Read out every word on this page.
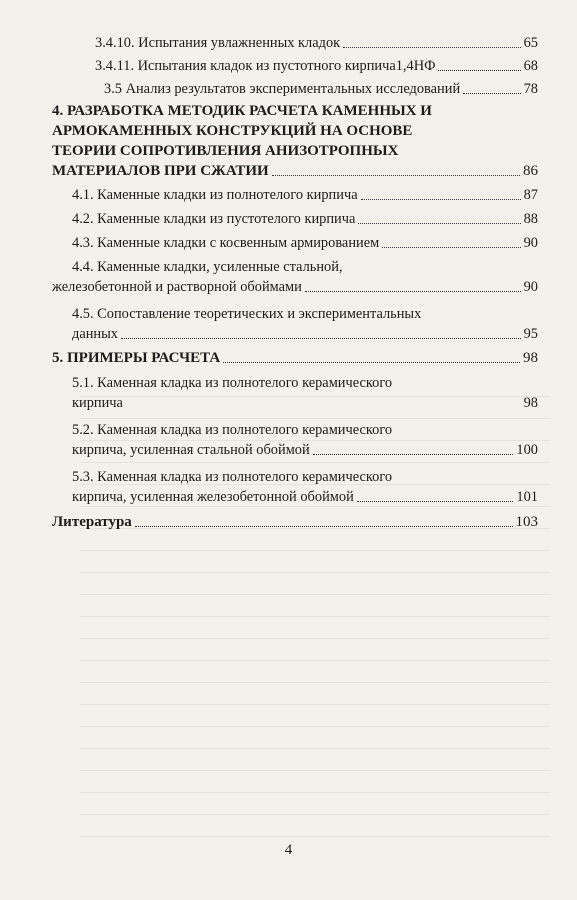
3.4.10. Испытания увлажненных кладок	65
3.4.11. Испытания кладок из пустотного кирпича1,4НФ	68
3.5 Анализ результатов экспериментальных исследований	78
4. РАЗРАБОТКА МЕТОДИК РАСЧЕТА КАМЕННЫХ И
АРМОКАМЕННЫХ КОНСТРУКЦИЙ НА ОСНОВЕ
ТЕОРИИ СОПРОТИВЛЕНИЯ АНИЗОТРОПНЫХ
МАТЕРИАЛОВ ПРИ СЖАТИИ	86
4.1. Каменные кладки из полнотелого кирпича	87
4.2. Каменные кладки из пустотелого кирпича	88
4.3. Каменные кладки с косвенным армированием	90
4.4. Каменные кладки, усиленные стальной,
железобетонной и растворной обоймами	90
4.5. Сопоставление теоретических и экспериментальных
данных	95
5. ПРИМЕРЫ РАСЧЕТА	98
5.1. Каменная кладка из полнотелого керамического
кирпича	98
5.2. Каменная кладка из полнотелого керамического
кирпича, усиленная стальной обоймой	100
5.3. Каменная кладка из полнотелого керамического
кирпича, усиленная железобетонной обоймой	101
Литература	103
4
